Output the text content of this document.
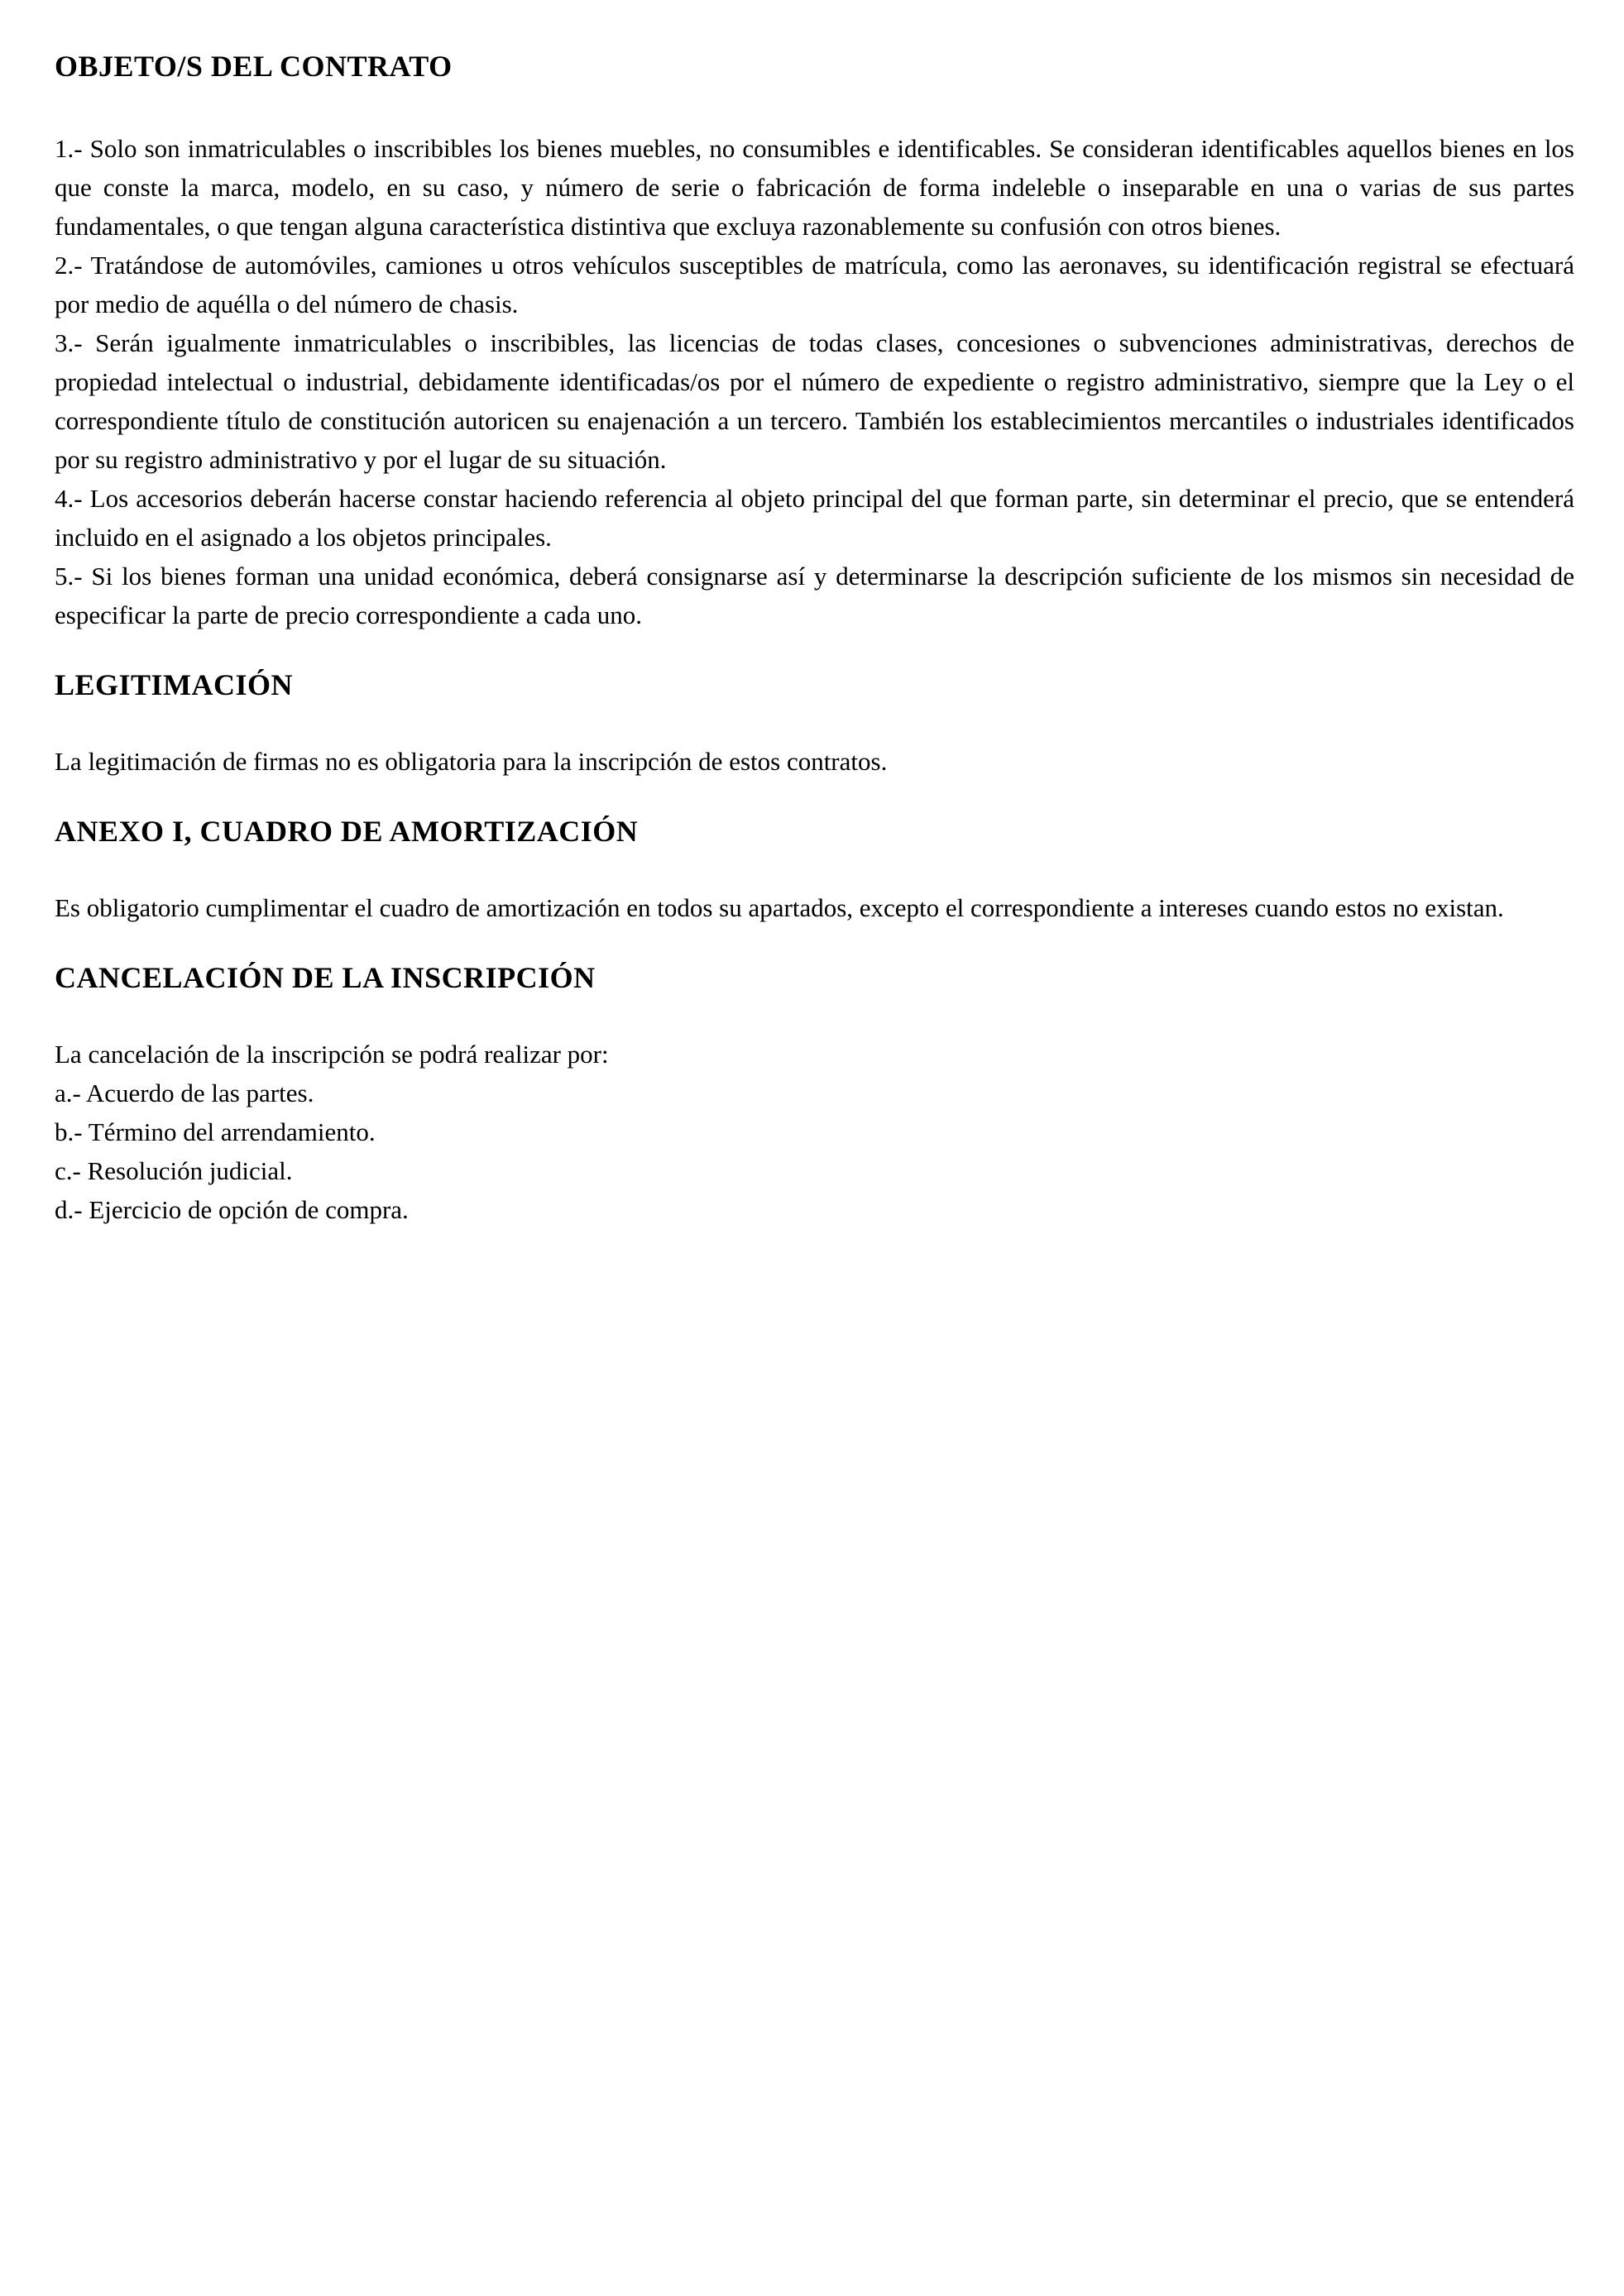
OBJETO/S DEL CONTRATO

1.- Solo son inmatriculables o inscribibles los bienes muebles, no consumibles e identificables. Se consideran identificables aquellos bienes en los que conste la marca, modelo, en su caso, y número de serie o fabricación de forma indeleble o inseparable en una o varias de sus partes fundamentales, o que tengan alguna característica distintiva que excluya razonablemente su confusión con otros bienes.

2.- Tratándose de automóviles, camiones u otros vehículos susceptibles de matrícula, como las aeronaves, su identificación registral se efectuará por medio de aquélla o del número de chasis.

3.- Serán igualmente inmatriculables o inscribibles, las licencias de todas clases, concesiones o subvenciones administrativas, derechos de propiedad intelectual o industrial, debidamente identificadas/os por el número de expediente o registro administrativo, siempre que la Ley o el correspondiente título de constitución autoricen su enajenación a un tercero. También los establecimientos mercantiles o industriales identificados por su registro administrativo y por el lugar de su situación.

4.- Los accesorios deberán hacerse constar haciendo referencia al objeto principal del que forman parte, sin determinar el precio, que se entenderá incluido en el asignado a los objetos principales.

5.- Si los bienes forman una unidad económica, deberá consignarse así y determinarse la descripción suficiente de los mismos sin necesidad de especificar la parte de precio correspondiente a cada uno.

LEGITIMACIÓN

La legitimación de firmas no es obligatoria para la inscripción de estos contratos.

ANEXO I, CUADRO DE AMORTIZACIÓN

Es obligatorio cumplimentar el cuadro de amortización en todos su apartados, excepto el correspondiente a intereses cuando estos no existan.

CANCELACIÓN DE LA INSCRIPCIÓN

La cancelación de la inscripción se podrá realizar por:

a.- Acuerdo de las partes.

b.- Término del arrendamiento.

c.- Resolución judicial.

d.- Ejercicio de opción de compra.
